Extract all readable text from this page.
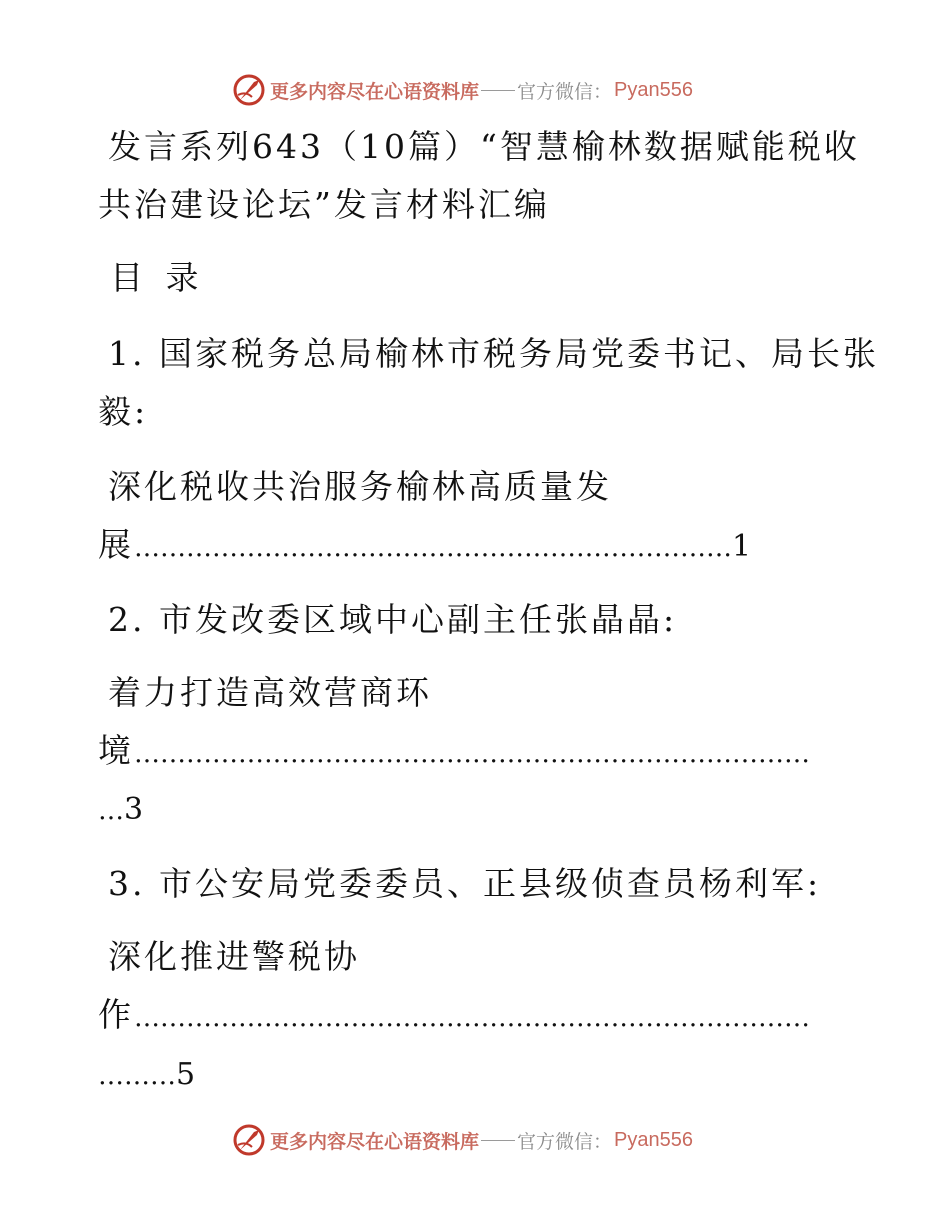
更多内容尽在心语资料库 官方微信： Pyan556
发言系列643（10篇）“智慧榆林数据赋能税收
共治建设论坛”发言材料汇编
目 录
1. 国家税务总局榆林市税务局党委书记、局长张
毅:
深化税收共治服务榆林高质量发
展……………………………………………………………1
2. 市发改委区域中心副主任张晶晶:
着力打造高效营商环
境……………………………………………………………………
…3
3. 市公安局党委委员、正县级侦查员杨利军:
深化推进警税协
作……………………………………………………………………
………5
更多内容尽在心语资料库 官方微信： Pyan556
